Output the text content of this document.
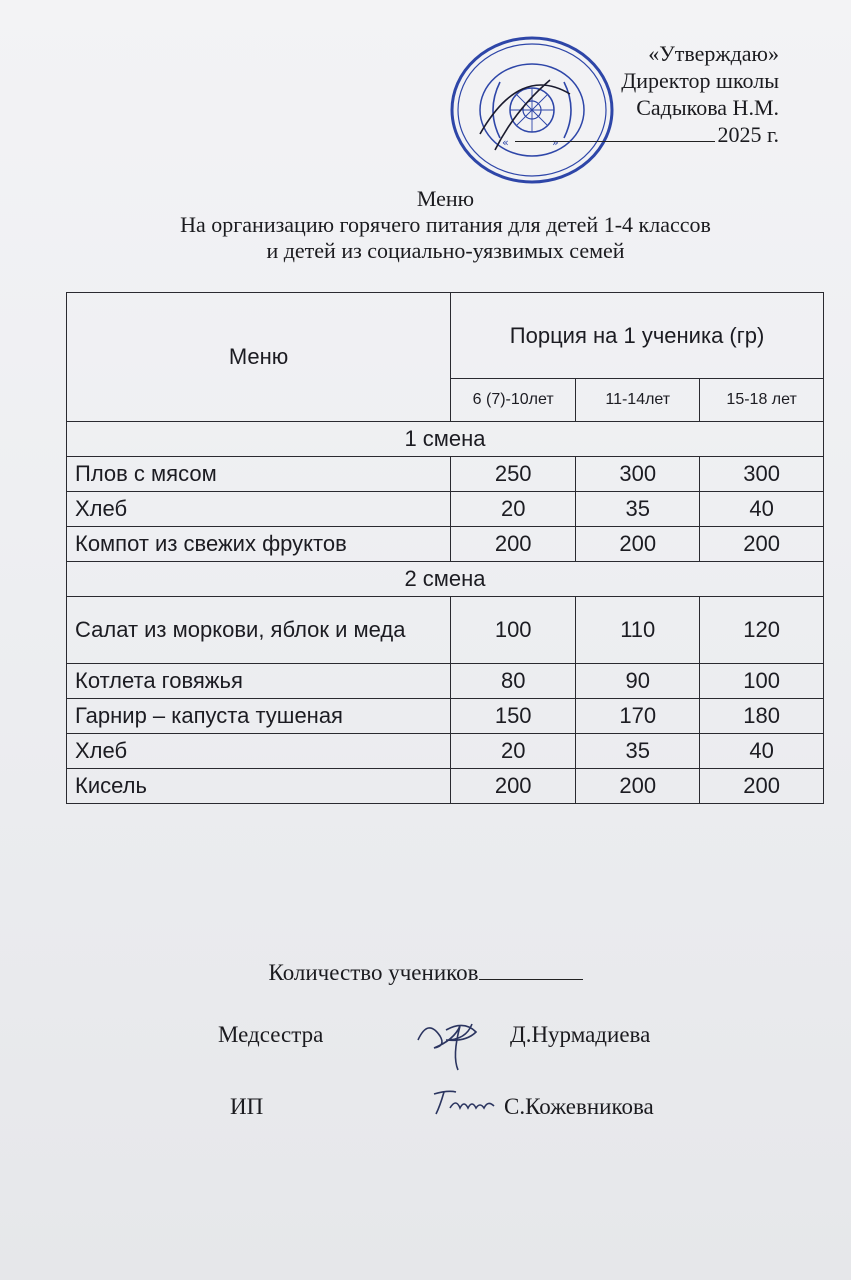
«	»
«Утверждаю»
Директор школы
Садыкова Н.М.
2025 г.
Меню
На организацию горячего питания для детей 1-4 классов
и детей из социально-уязвимых семей
Меню	Порция на 1 ученика (гр)		
	6 (7)-10лет	11-14лет	15-18 лет
1 смена			
Плов с мясом	250	300	300
Хлеб	20	35	40
Компот из свежих фруктов	200	200	200
2 смена			
Салат из моркови, яблок и меда	100	110	120
Котлета говяжья	80	90	100
Гарнир – капуста тушеная	150	170	180
Хлеб	20	35	40
Кисель	200	200	200
Количество учеников
Медсестра	Д.Нурмадиева
ИП	С.Кожевникова
